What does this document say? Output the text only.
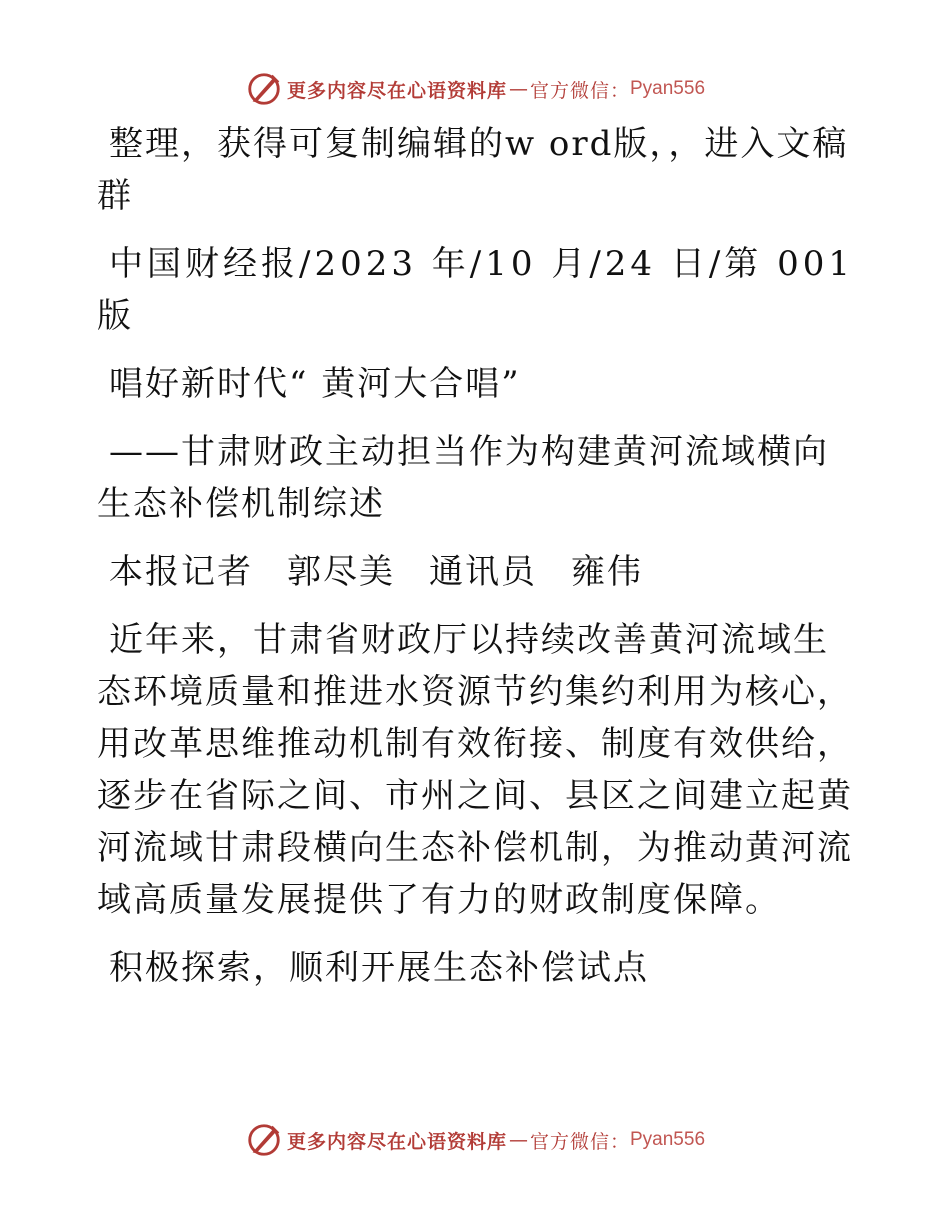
更多内容尽在心语资料库 — 官方微信： Pyan556

整理，获得可复制编辑的w ord版，，进入文稿群

中国财经报/2023 年/10 月/24 日/第 001 版

唱好新时代“ 黄河大合唱”

——甘肃财政主动担当作为构建黄河流域横向生态补偿机制综述

本报记者 郭尽美 通讯员 雍伟

近年来，甘肃省财政厅以持续改善黄河流域生态环境质量和推进水资源节约集约利用为核心，用改革思维推动机制有效衔接、制度有效供给，逐步在省际之间、市州之间、县区之间建立起黄河流域甘肃段横向生态补偿机制，为推动黄河流域高质量发展提供了有力的财政制度保障。

积极探索，顺利开展生态补偿试点

更多内容尽在心语资料库 — 官方微信： Pyan556
